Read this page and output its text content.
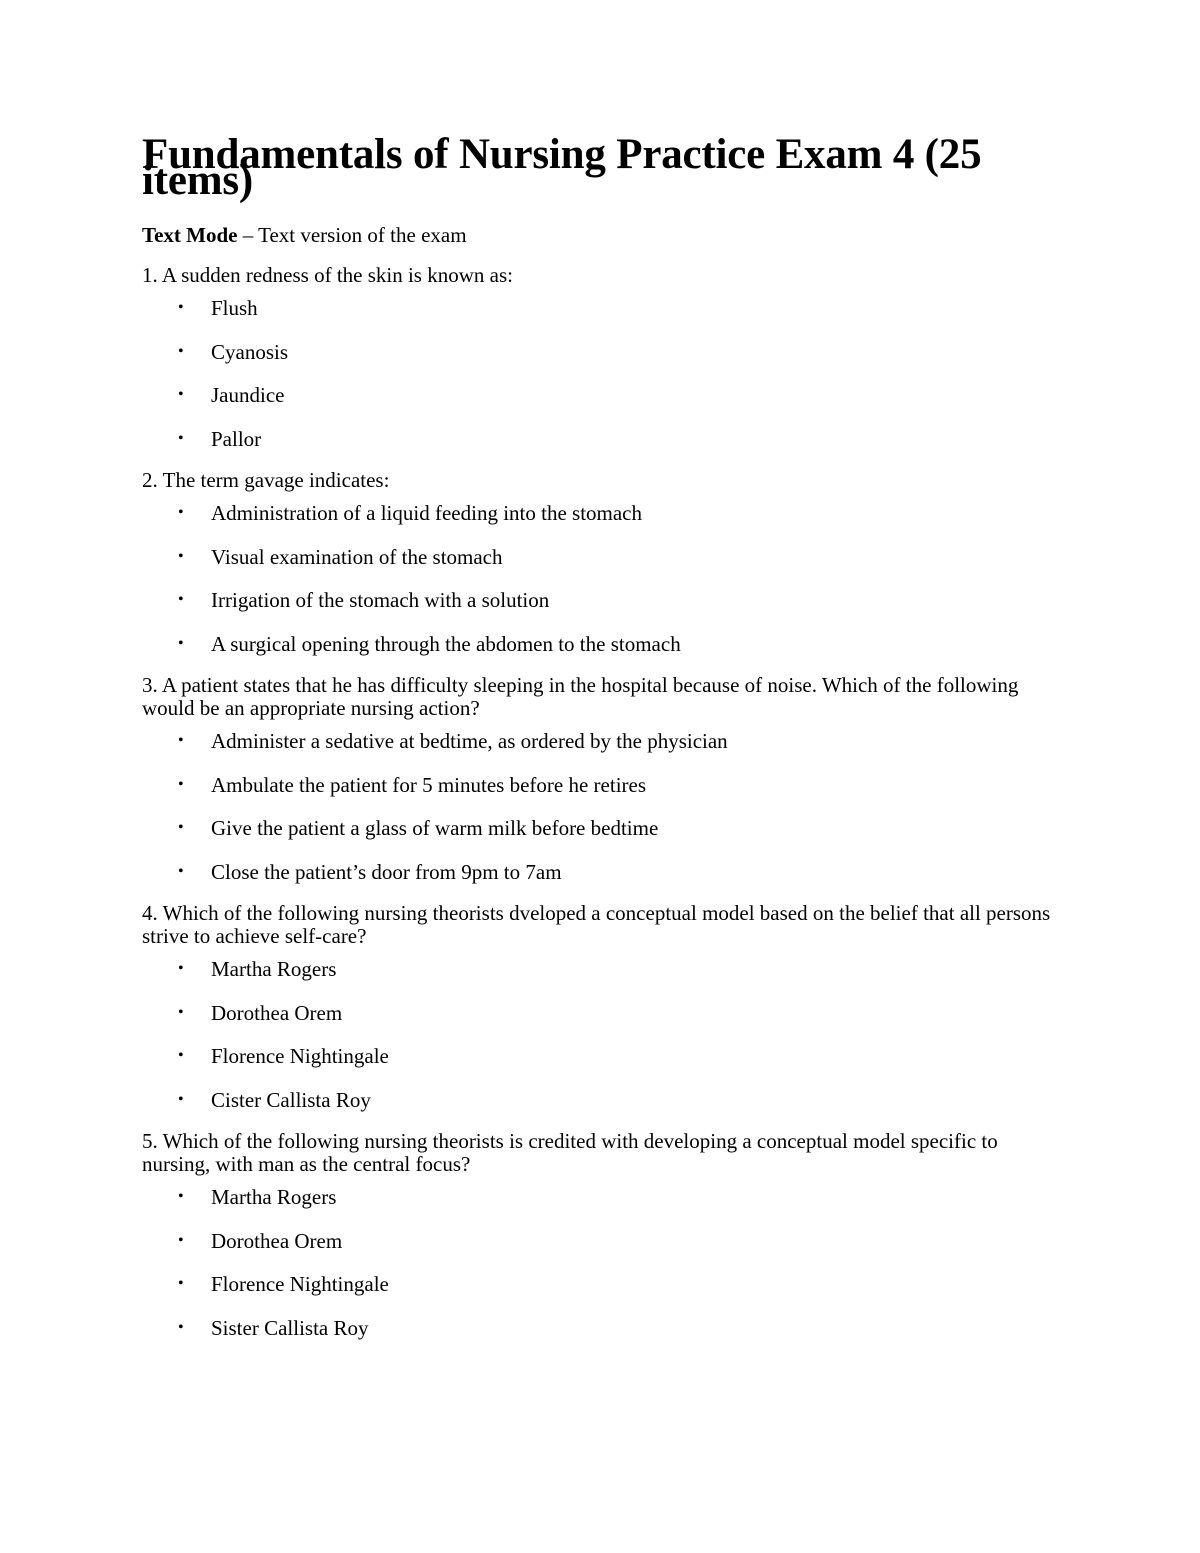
Fundamentals of Nursing Practice Exam 4 (25 items)

Text Mode – Text version of the exam

1. A sudden redness of the skin is known as:

• Flush
• Cyanosis
• Jaundice
• Pallor

2. The term gavage indicates:

• Administration of a liquid feeding into the stomach
• Visual examination of the stomach
• Irrigation of the stomach with a solution
• A surgical opening through the abdomen to the stomach

3. A patient states that he has difficulty sleeping in the hospital because of noise. Which of the following would be an appropriate nursing action?

• Administer a sedative at bedtime, as ordered by the physician
• Ambulate the patient for 5 minutes before he retires
• Give the patient a glass of warm milk before bedtime
• Close the patient’s door from 9pm to 7am

4. Which of the following nursing theorists dveloped a conceptual model based on the belief that all persons strive to achieve self-care?

• Martha Rogers
• Dorothea Orem
• Florence Nightingale
• Cister Callista Roy

5. Which of the following nursing theorists is credited with developing a conceptual model specific to nursing, with man as the central focus?

• Martha Rogers
• Dorothea Orem
• Florence Nightingale
• Sister Callista Roy
